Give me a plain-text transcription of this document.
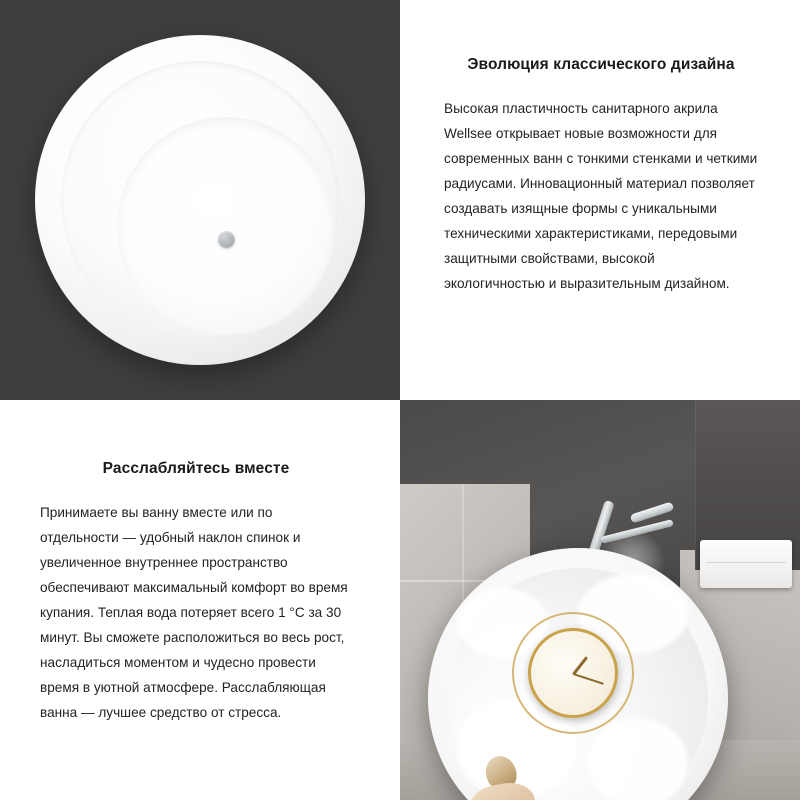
Эволюция классического дизайна

Высокая пластичность санитарного акрила Wellsee открывает новые возможности для современных ванн с тонкими стенками и четкими радиусами. Инновационный материал позволяет создавать изящные формы с уникальными техническими характеристиками, передовыми защитными свойствами, высокой экологичностью и выразительным дизайном.

Расслабляйтесь вместе

Принимаете вы ванну вместе или по отдельности — удобный наклон спинок и увеличенное внутреннее пространство обеспечивают максимальный комфорт во время купания. Теплая вода потеряет всего 1 °C за 30 минут. Вы сможете расположиться во весь рост, насладиться моментом и чудесно провести время в уютной атмосфере. Расслабляющая ванна — лучшее средство от стресса.
